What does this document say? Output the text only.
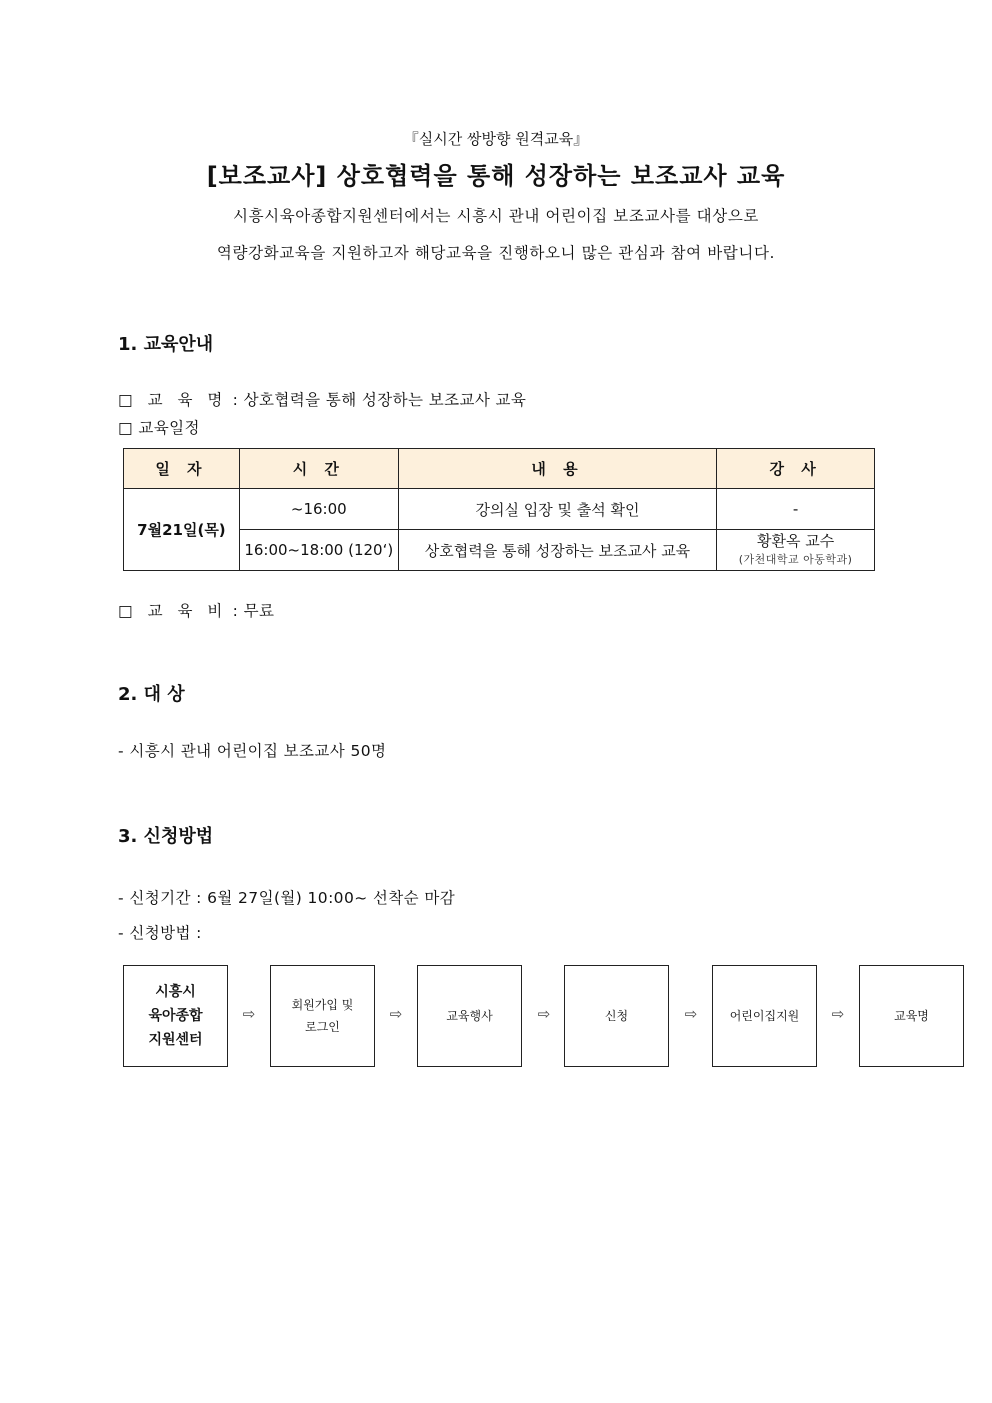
『실시간 쌍방향 원격교육』
[보조교사] 상호협력을 통해 성장하는 보조교사 교육
시흥시육아종합지원센터에서는 시흥시 관내 어린이집 보조교사를 대상으로
역량강화교육을 지원하고자 해당교육을 진행하오니 많은 관심과 참여 바랍니다.
1. 교육안내
□ 교 육 명 : 상호협력을 통해 성장하는 보조교사 교육
□ 교육일정
일 자	시 간	내 용	강 사
7월21일(목)	~16:00	강의실 입장 및 출석 확인	-
	16:00~18:00 (120‘)	상호협력을 통해 성장하는 보조교사 교육	황환옥 교수
(가천대학교 아동학과)
□ 교 육 비 : 무료
2. 대 상
- 시흥시 관내 어린이집 보조교사 50명
3. 신청방법
- 신청기간 : 6월 27일(월) 10:00~ 선착순 마감
- 신청방법 :
시흥시
육아종합
지원센터
⇨	회원가입 및
로그인
⇨	교육행사	⇨	신청	⇨	어린이집지원 ⇨	교육명
